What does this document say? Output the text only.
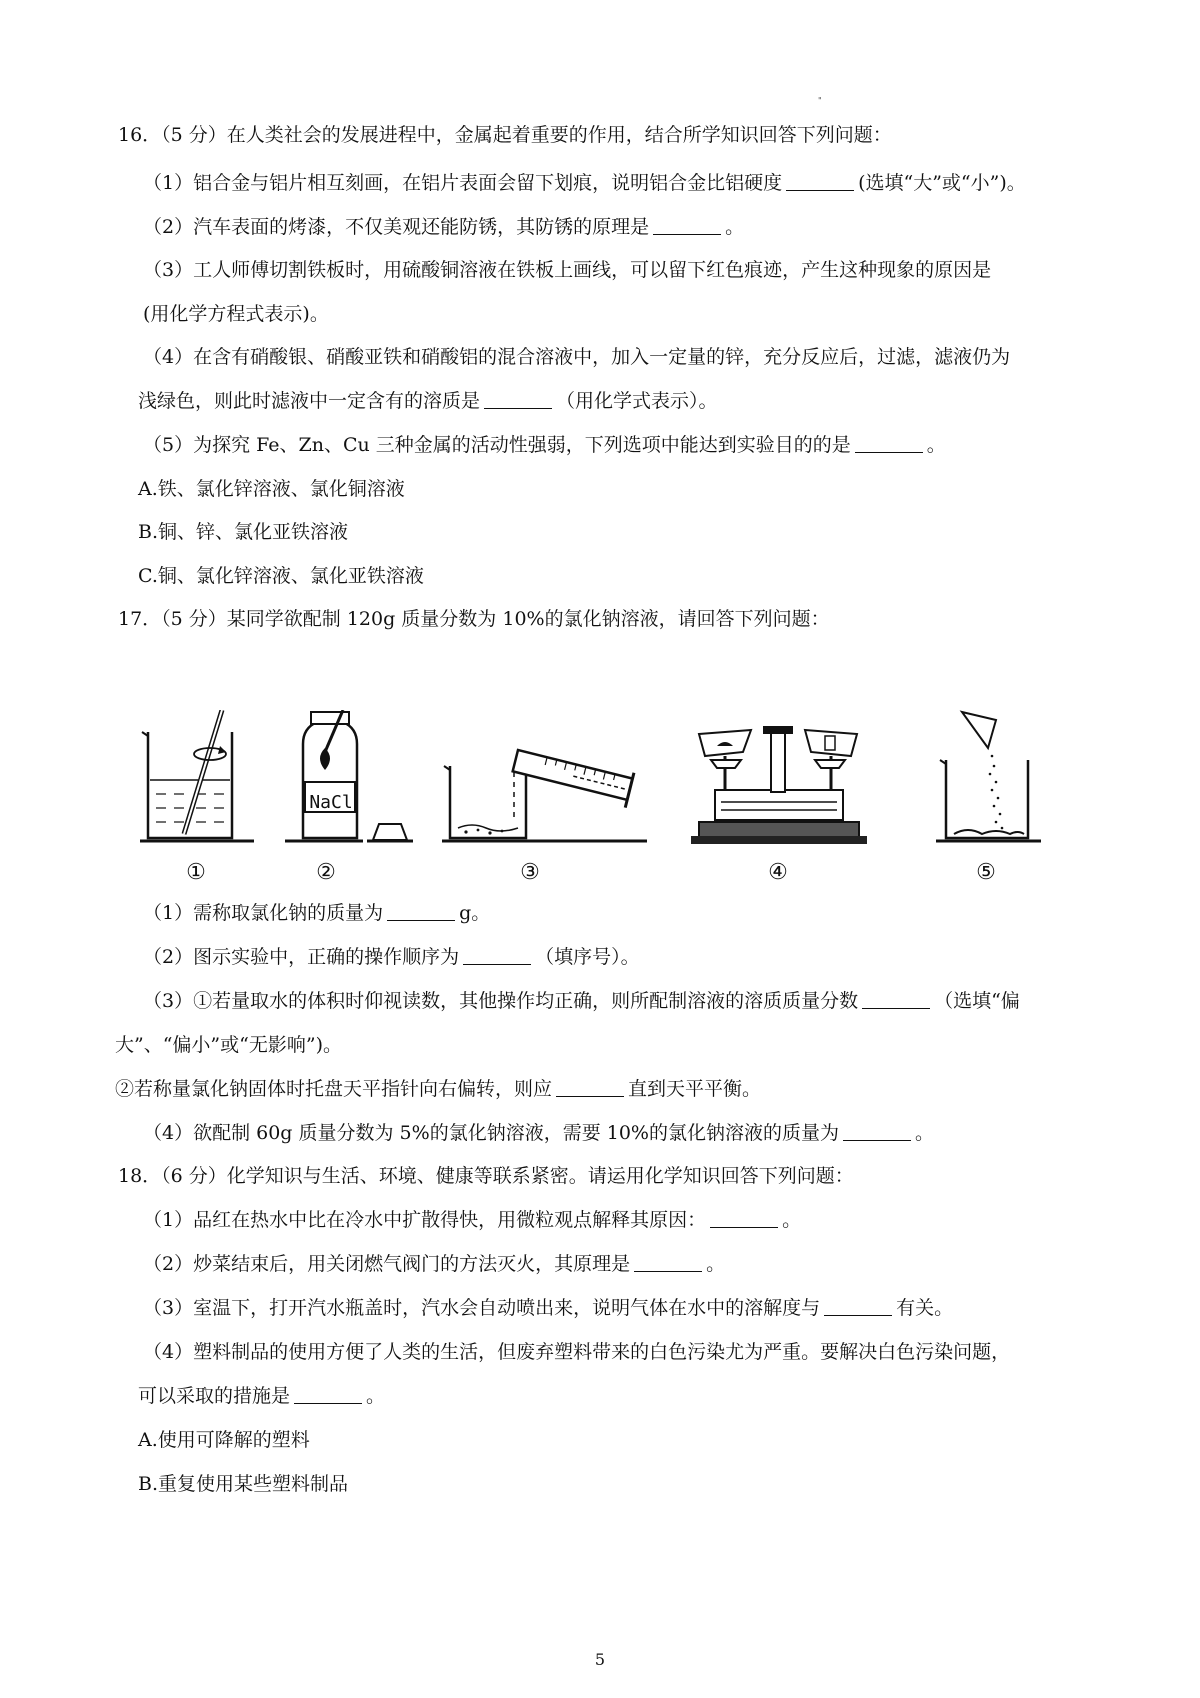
"
16．（5 分）在人类社会的发展进程中，金属起着重要的作用，结合所学知识回答下列问题：
（1）铝合金与铝片相互刻画，在铝片表面会留下划痕，说明铝合金比铝硬度	(选填“大”或“小”)。
（2）汽车表面的烤漆，不仅美观还能防锈，其防锈的原理是	。
（3）工人师傅切割铁板时，用硫酸铜溶液在铁板上画线，可以留下红色痕迹，产生这种现象的原因是
(用化学方程式表示)。
（4）在含有硝酸银、硝酸亚铁和硝酸铝的混合溶液中，加入一定量的锌，充分反应后，过滤，滤液仍为
浅绿色，则此时滤液中一定含有的溶质是	（用化学式表示）。
（5）为探究 Fe、Zn、Cu 三种金属的活动性强弱，下列选项中能达到实验目的的是	。
A.铁、氯化锌溶液、氯化铜溶液
B.铜、锌、氯化亚铁溶液
C.铜、氯化锌溶液、氯化亚铁溶液
17．（5 分）某同学欲配制 120g 质量分数为 10%的氯化钠溶液，请回答下列问题：
①
NaCl
②	③	④	⑤
（1）需称取氯化钠的质量为	g。
（2）图示实验中，正确的操作顺序为	（填序号）。
（3）①若量取水的体积时仰视读数，其他操作均正确，则所配制溶液的溶质质量分数	（选填“偏
大”、“偏小”或“无影响”)。
②若称量氯化钠固体时托盘天平指针向右偏转，则应	直到天平平衡。
（4）欲配制 60g 质量分数为 5%的氯化钠溶液，需要 10%的氯化钠溶液的质量为	。
18．（6 分）化学知识与生活、环境、健康等联系紧密。请运用化学知识回答下列问题：
（1）品红在热水中比在冷水中扩散得快，用微粒观点解释其原因：	。
（2）炒菜结束后，用关闭燃气阀门的方法灭火，其原理是	。
（3）室温下，打开汽水瓶盖时，汽水会自动喷出来，说明气体在水中的溶解度与	有关。
（4）塑料制品的使用方便了人类的生活，但废弃塑料带来的白色污染尤为严重。要解决白色污染问题，
可以采取的措施是	。
A.使用可降解的塑料
B.重复使用某些塑料制品
5
